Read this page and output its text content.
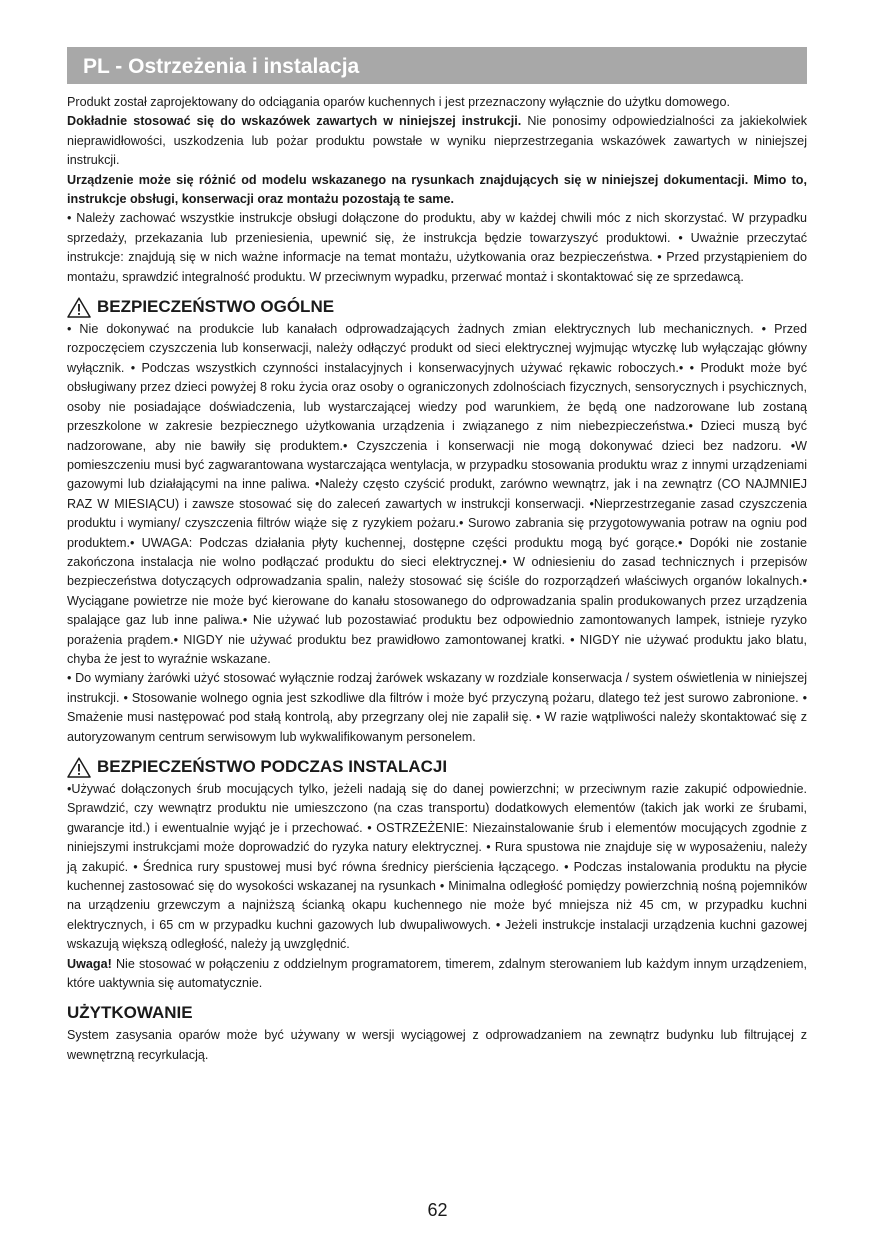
PL - Ostrzeżenia i instalacja

Produkt został zaprojektowany do odciągania oparów kuchennych i jest przeznaczony wyłącznie do użytku domowego.

Dokładnie stosować się do wskazówek zawartych w niniejszej instrukcji. Nie ponosimy odpowiedzialności za jakiekolwiek nieprawidłowości, uszkodzenia lub pożar produktu powstałe w wyniku nieprzestrzegania wskazówek zawartych w niniejszej instrukcji.

Urządzenie może się różnić od modelu wskazanego na rysunkach znajdujących się w niniejszej dokumentacji. Mimo to, instrukcje obsługi, konserwacji oraz montażu pozostają te same.

• Należy zachować wszystkie instrukcje obsługi dołączone do produktu, aby w każdej chwili móc z nich skorzystać. W przypadku sprzedaży, przekazania lub przeniesienia, upewnić się, że instrukcja będzie towarzyszyć produktowi. • Uważnie przeczytać instrukcje: znajdują się w nich ważne informacje na temat montażu, użytkowania oraz bezpieczeństwa. • Przed przystąpieniem do montażu, sprawdzić integralność produktu. W przeciwnym wypadku, przerwać montaż i skontaktować się ze sprzedawcą.

BEZPIECZEŃSTWO OGÓLNE

• Nie dokonywać na produkcie lub kanałach odprowadzających żadnych zmian elektrycznych lub mechanicznych. • Przed rozpoczęciem czyszczenia lub konserwacji, należy odłączyć produkt od sieci elektrycznej wyjmując wtyczkę lub wyłączając główny wyłącznik. • Podczas wszystkich czynności instalacyjnych i konserwacyjnych używać rękawic roboczych.• • Produkt może być obsługiwany przez dzieci powyżej 8 roku życia oraz osoby o ograniczonych zdolnościach fizycznych, sensorycznych i psychicznych, osoby nie posiadające doświadczenia, lub wystarczającej wiedzy pod warunkiem, że będą one nadzorowane lub zostaną przeszkolone w zakresie bezpiecznego użytkowania urządzenia i związanego z nim niebezpieczeństwa.• Dzieci muszą być nadzorowane, aby nie bawiły się produktem.• Czyszczenia i konserwacji nie mogą dokonywać dzieci bez nadzoru. •W pomieszczeniu musi być zagwarantowana wystarczająca wentylacja, w przypadku stosowania produktu wraz z innymi urządzeniami gazowymi lub działającymi na inne paliwa. •Należy często czyścić produkt, zarówno wewnątrz, jak i na zewnątrz (CO NAJMNIEJ RAZ W MIESIĄCU) i zawsze stosować się do zaleceń zawartych w instrukcji konserwacji. •Nieprzestrzeganie zasad czyszczenia produktu i wymiany/ czyszczenia filtrów wiąże się z ryzykiem pożaru.• Surowo zabrania się przygotowywania potraw na ogniu pod produktem.• UWAGA: Podczas działania płyty kuchennej, dostępne części produktu mogą być gorące.• Dopóki nie zostanie zakończona instalacja nie wolno podłączać produktu do sieci elektrycznej.• W odniesieniu do zasad technicznych i przepisów bezpieczeństwa dotyczących odprowadzania spalin, należy stosować się ściśle do rozporządzeń właściwych organów lokalnych.• Wyciągane powietrze nie może być kierowane do kanału stosowanego do odprowadzania spalin produkowanych przez urządzenia spalające gaz lub inne paliwa.• Nie używać lub pozostawiać produktu bez odpowiednio zamontowanych lampek, istnieje ryzyko porażenia prądem.• NIGDY nie używać produktu bez prawidłowo zamontowanej kratki. • NIGDY nie używać produktu jako blatu, chyba że jest to wyraźnie wskazane.

• Do wymiany żarówki użyć stosować wyłącznie rodzaj żarówek wskazany w rozdziale konserwacja / system oświetlenia w niniejszej instrukcji. • Stosowanie wolnego ognia jest szkodliwe dla filtrów i może być przyczyną pożaru, dlatego też jest surowo zabronione. • Smażenie musi następować pod stałą kontrolą, aby przegrzany olej nie zapalił się. • W razie wątpliwości należy skontaktować się z autoryzowanym centrum serwisowym lub wykwalifikowanym personelem.

BEZPIECZEŃSTWO PODCZAS INSTALACJI

•Używać dołączonych śrub mocujących tylko, jeżeli nadają się do danej powierzchni; w przeciwnym razie zakupić odpowiednie. Sprawdzić, czy wewnątrz produktu nie umieszczono (na czas transportu) dodatkowych elementów (takich jak worki ze śrubami, gwarancje itd.) i ewentualnie wyjąć je i przechować. • OSTRZEŻENIE: Niezainstalowanie śrub i elementów mocujących zgodnie z niniejszymi instrukcjami może doprowadzić do ryzyka natury elektrycznej. • Rura spustowa nie znajduje się w wyposażeniu, należy ją zakupić. • Średnica rury spustowej musi być równa średnicy pierścienia łączącego. • Podczas instalowania produktu na płycie kuchennej zastosować się do wysokości wskazanej na rysunkach • Minimalna odległość pomiędzy powierzchnią nośną pojemników na urządzeniu grzewczym a najniższą ścianką okapu kuchennego nie może być mniejsza niż 45 cm, w przypadku kuchni elektrycznych, i 65 cm w przypadku kuchni gazowych lub dwupaliwowych. • Jeżeli instrukcje instalacji urządzenia kuchni gazowej wskazują większą odległość, należy ją uwzględnić.

Uwaga! Nie stosować w połączeniu z oddzielnym programatorem, timerem, zdalnym sterowaniem lub każdym innym urządzeniem, które uaktywnia się automatycznie.

UŻYTKOWANIE

System zasysania oparów może być używany w wersji wyciągowej z odprowadzaniem na zewnątrz budynku lub filtrującej z wewnętrzną recyrkulacją.

62
